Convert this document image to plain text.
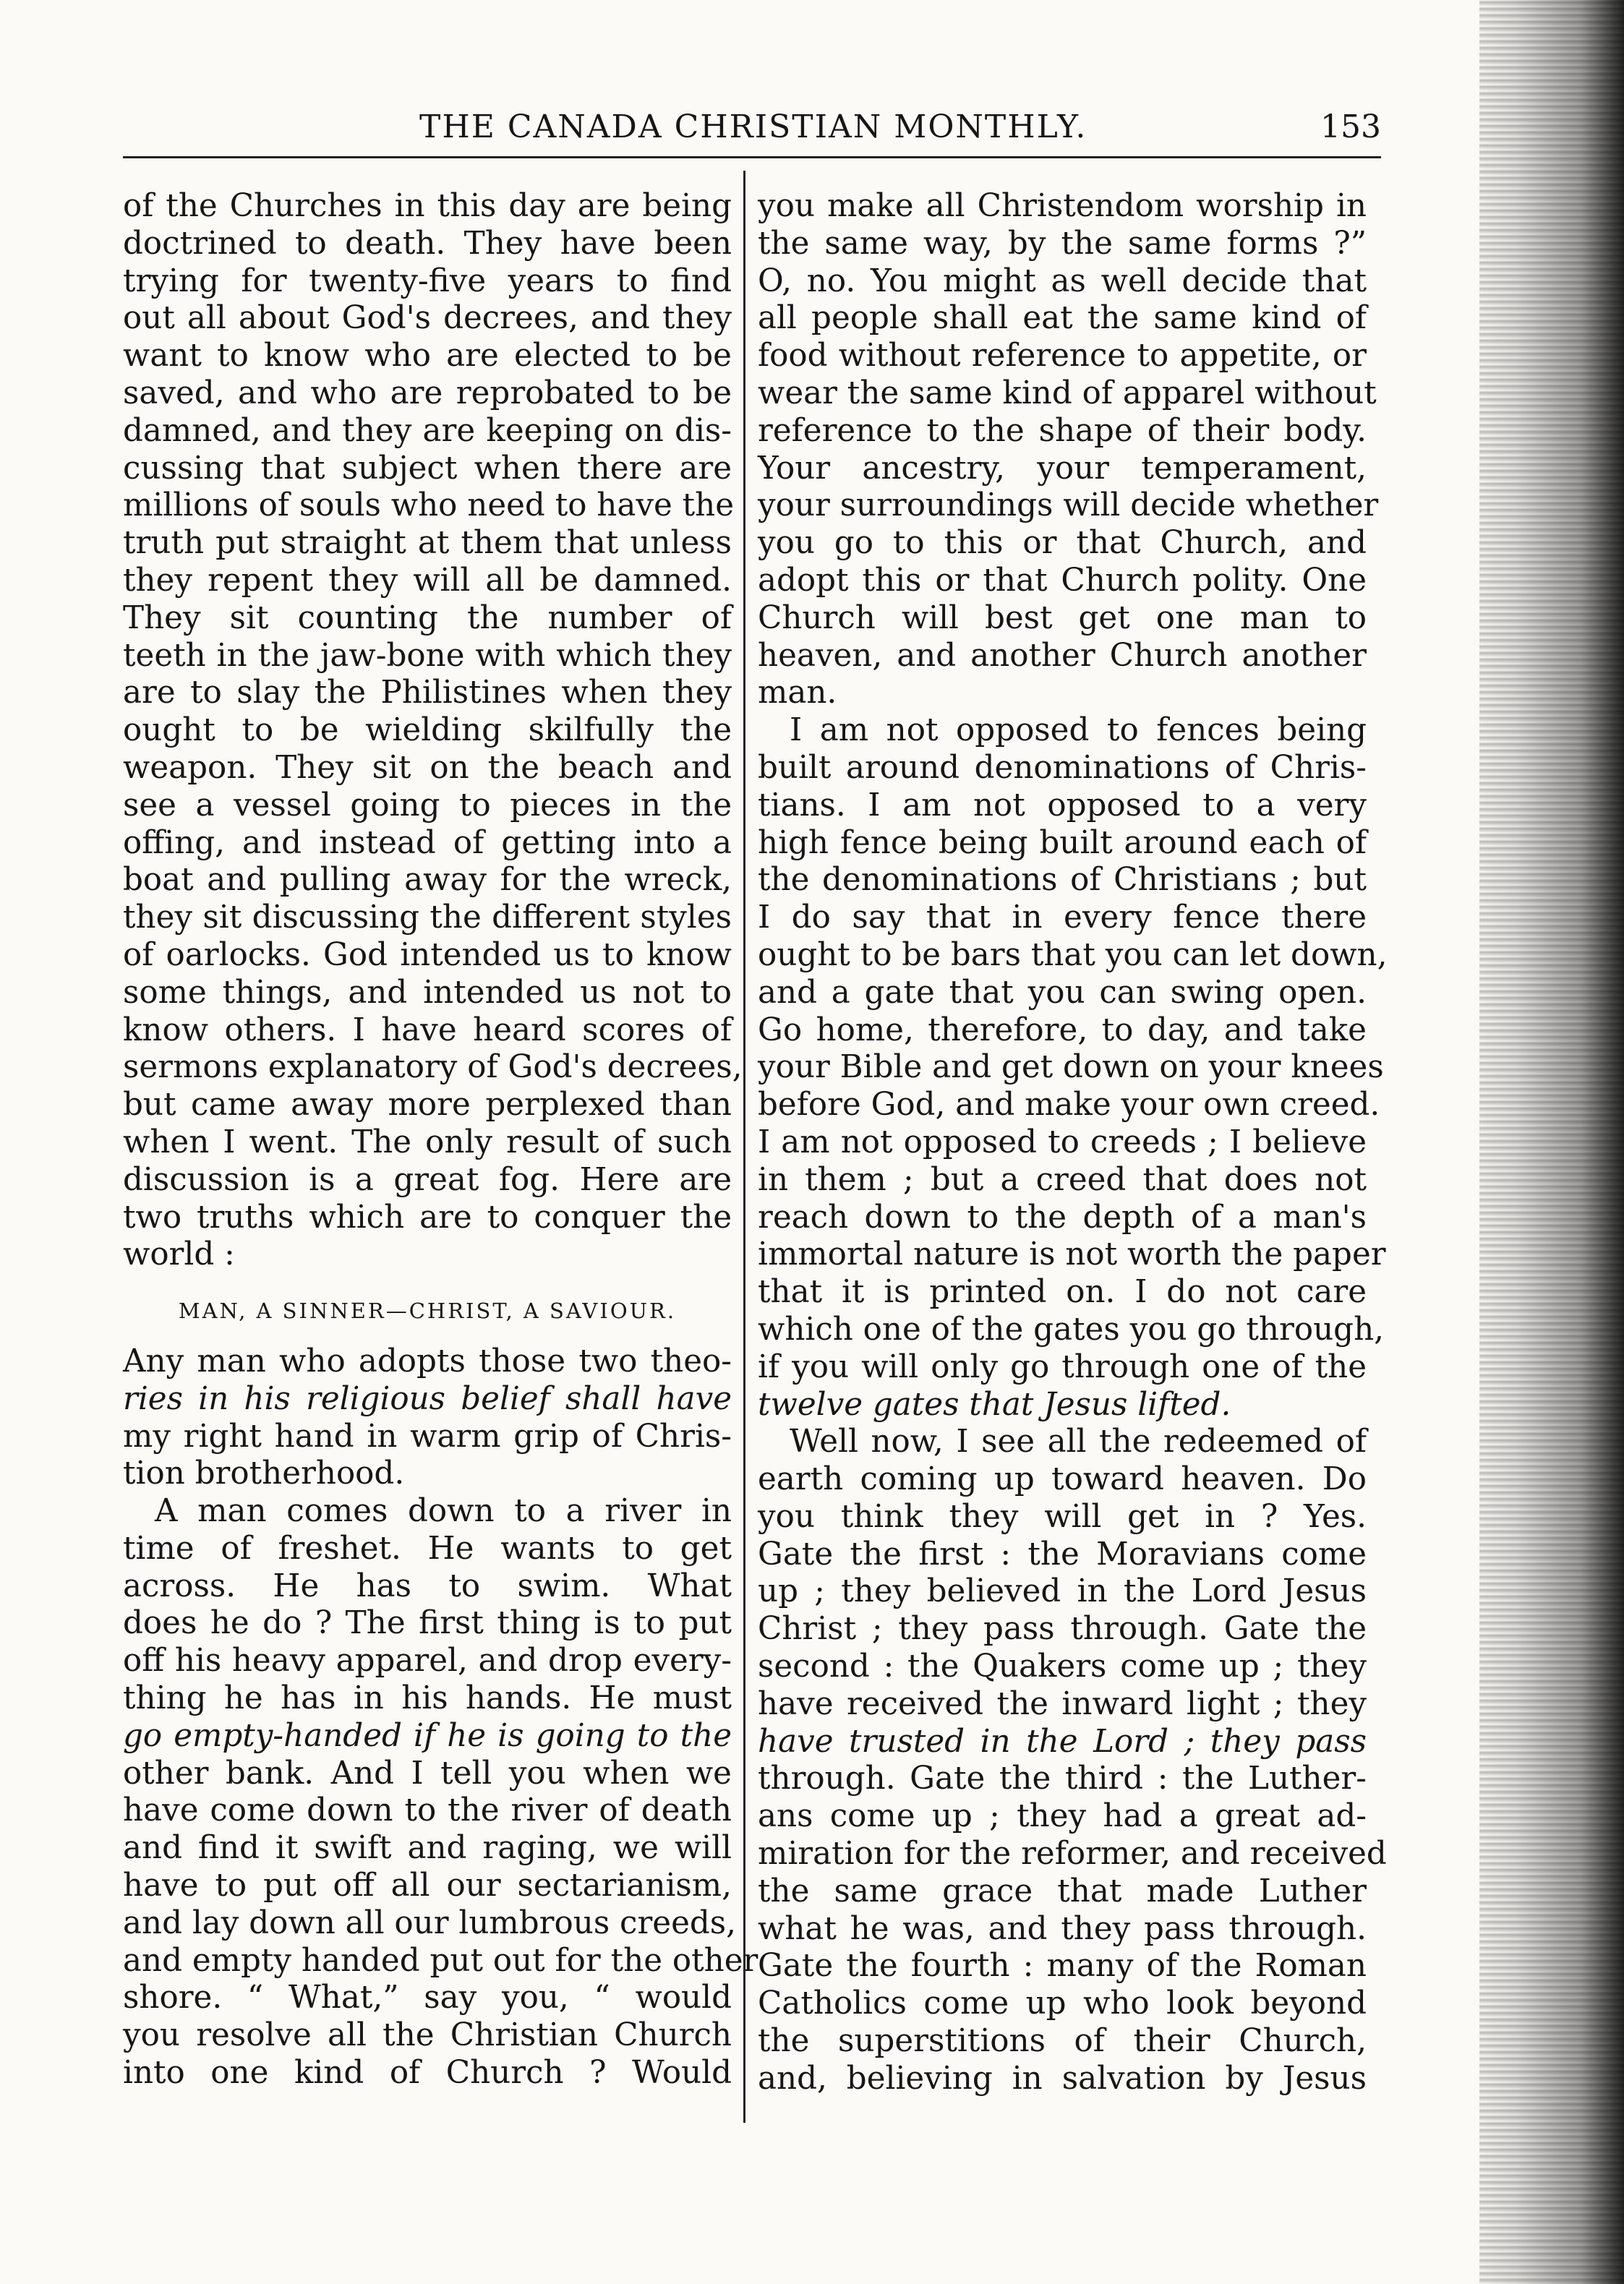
THE CANADA CHRISTIAN MONTHLY.	153
of the Churches in this day are being
doctrined to death. They have been
trying for twenty-five years to find
out all about God's decrees, and they
want to know who are elected to be
saved, and who are reprobated to be
damned, and they are keeping on dis-
cussing that subject when there are
millions of souls who need to have the
truth put straight at them that unless
they repent they will all be damned.
They sit counting the number of
teeth in the jaw-bone with which they
are to slay the Philistines when they
ought to be wielding skilfully the
weapon. They sit on the beach and
see a vessel going to pieces in the
offing, and instead of getting into a
boat and pulling away for the wreck,
they sit discussing the different styles
of oarlocks. God intended us to know
some things, and intended us not to
know others. I have heard scores of
sermons explanatory of God's decrees,
but came away more perplexed than
when I went. The only result of such
discussion is a great fog. Here are
two truths which are to conquer the
world :
MAN, A SINNER—CHRIST, A SAVIOUR.
Any man who adopts those two theo-
ries in his religious belief shall have
my right hand in warm grip of Chris-
tion brotherhood.
A man comes down to a river in
time of freshet. He wants to get
across. He has to swim. What
does he do ? The first thing is to put
off his heavy apparel, and drop every-
thing he has in his hands. He must
go empty-handed if he is going to the
other bank. And I tell you when we
have come down to the river of death
and find it swift and raging, we will
have to put off all our sectarianism,
and lay down all our lumbrous creeds,
and empty handed put out for the other
shore. “ What,” say you, “ would
you resolve all the Christian Church
into one kind of Church ? Would
you make all Christendom worship in
the same way, by the same forms ?”
O, no. You might as well decide that
all people shall eat the same kind of
food without reference to appetite, or
wear the same kind of apparel without
reference to the shape of their body.
Your ancestry, your temperament,
your surroundings will decide whether
you go to this or that Church, and
adopt this or that Church polity. One
Church will best get one man to
heaven, and another Church another
man.
I am not opposed to fences being
built around denominations of Chris-
tians. I am not opposed to a very
high fence being built around each of
the denominations of Christians ; but
I do say that in every fence there
ought to be bars that you can let down,
and a gate that you can swing open.
Go home, therefore, to day, and take
your Bible and get down on your knees
before God, and make your own creed.
I am not opposed to creeds ; I believe
in them ; but a creed that does not
reach down to the depth of a man's
immortal nature is not worth the paper
that it is printed on. I do not care
which one of the gates you go through,
if you will only go through one of the
twelve gates that Jesus lifted.
Well now, I see all the redeemed of
earth coming up toward heaven. Do
you think they will get in ? Yes.
Gate the first : the Moravians come
up ; they believed in the Lord Jesus
Christ ; they pass through. Gate the
second : the Quakers come up ; they
have received the inward light ; they
have trusted in the Lord ; they pass
through. Gate the third : the Luther-
ans come up ; they had a great ad-
miration for the reformer, and received
the same grace that made Luther
what he was, and they pass through.
Gate the fourth : many of the Roman
Catholics come up who look beyond
the superstitions of their Church,
and, believing in salvation by Jesus
